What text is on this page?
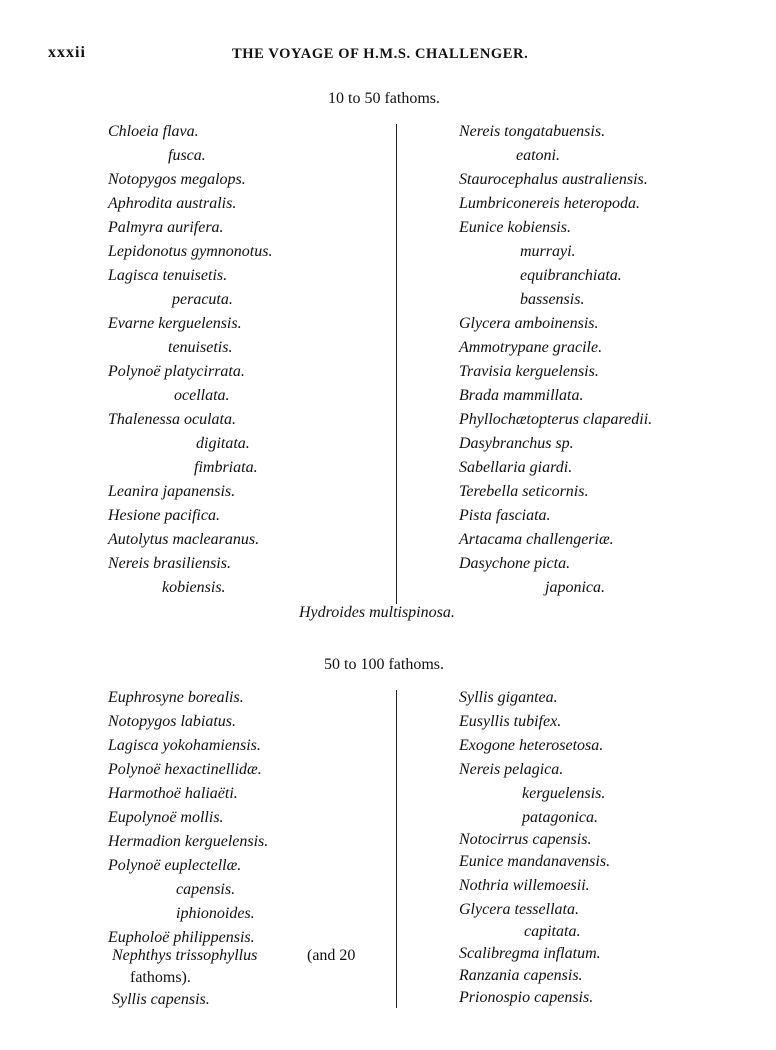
xxxii	THE VOYAGE OF H.M.S. CHALLENGER.
10 to 50 fathoms.
Chloeia flava.
fusca.
Notopygos megalops.
Aphrodita australis.
Palmyra aurifera.
Lepidonotus gymnonotus.
Lagisca tenuisetis.
peracuta.
Evarne kerguelensis.
tenuisetis.
Polynoë platycirrata.
ocellata.
Thalenessa oculata.
digitata.
fimbriata.
Leanira japanensis.
Hesione pacifica.
Autolytus maclearanus.
Nereis brasiliensis.
kobiensis.
Nereis tongatabuensis.
eatoni.
Staurocephalus australiensis.
Lumbriconereis heteropoda.
Eunice kobiensis.
murrayi.
equibranchiata.
bassensis.
Glycera amboinensis.
Ammotrypane gracile.
Travisia kerguelensis.
Brada mammillata.
Phyllochætopterus claparedii.
Dasybranchus sp.
Sabellaria giardi.
Terebella seticornis.
Pista fasciata.
Artacama challengeriæ.
Dasychone picta.
japonica.
Hydroides multispinosa.
50 to 100 fathoms.
Euphrosyne borealis.
Notopygos labiatus.
Lagisca yokohamiensis.
Polynoë hexactinellidæ.
Harmothoë haliaëti.
Eupolynoë mollis.
Hermadion kerguelensis.
Polynoë euplectellæ.
capensis.
iphionoides.
Eupholoë philippensis.
Nephthys trissophyllus	(and 20
fathoms).
Syllis capensis.
Syllis gigantea.
Eusyllis tubifex.
Exogone heterosetosa.
Nereis pelagica.
kerguelensis.
patagonica.
Notocirrus capensis.
Eunice mandanavensis.
Nothria willemoesii.
Glycera tessellata.
capitata.
Scalibregma inflatum.
Ranzania capensis.
Prionospio capensis.
